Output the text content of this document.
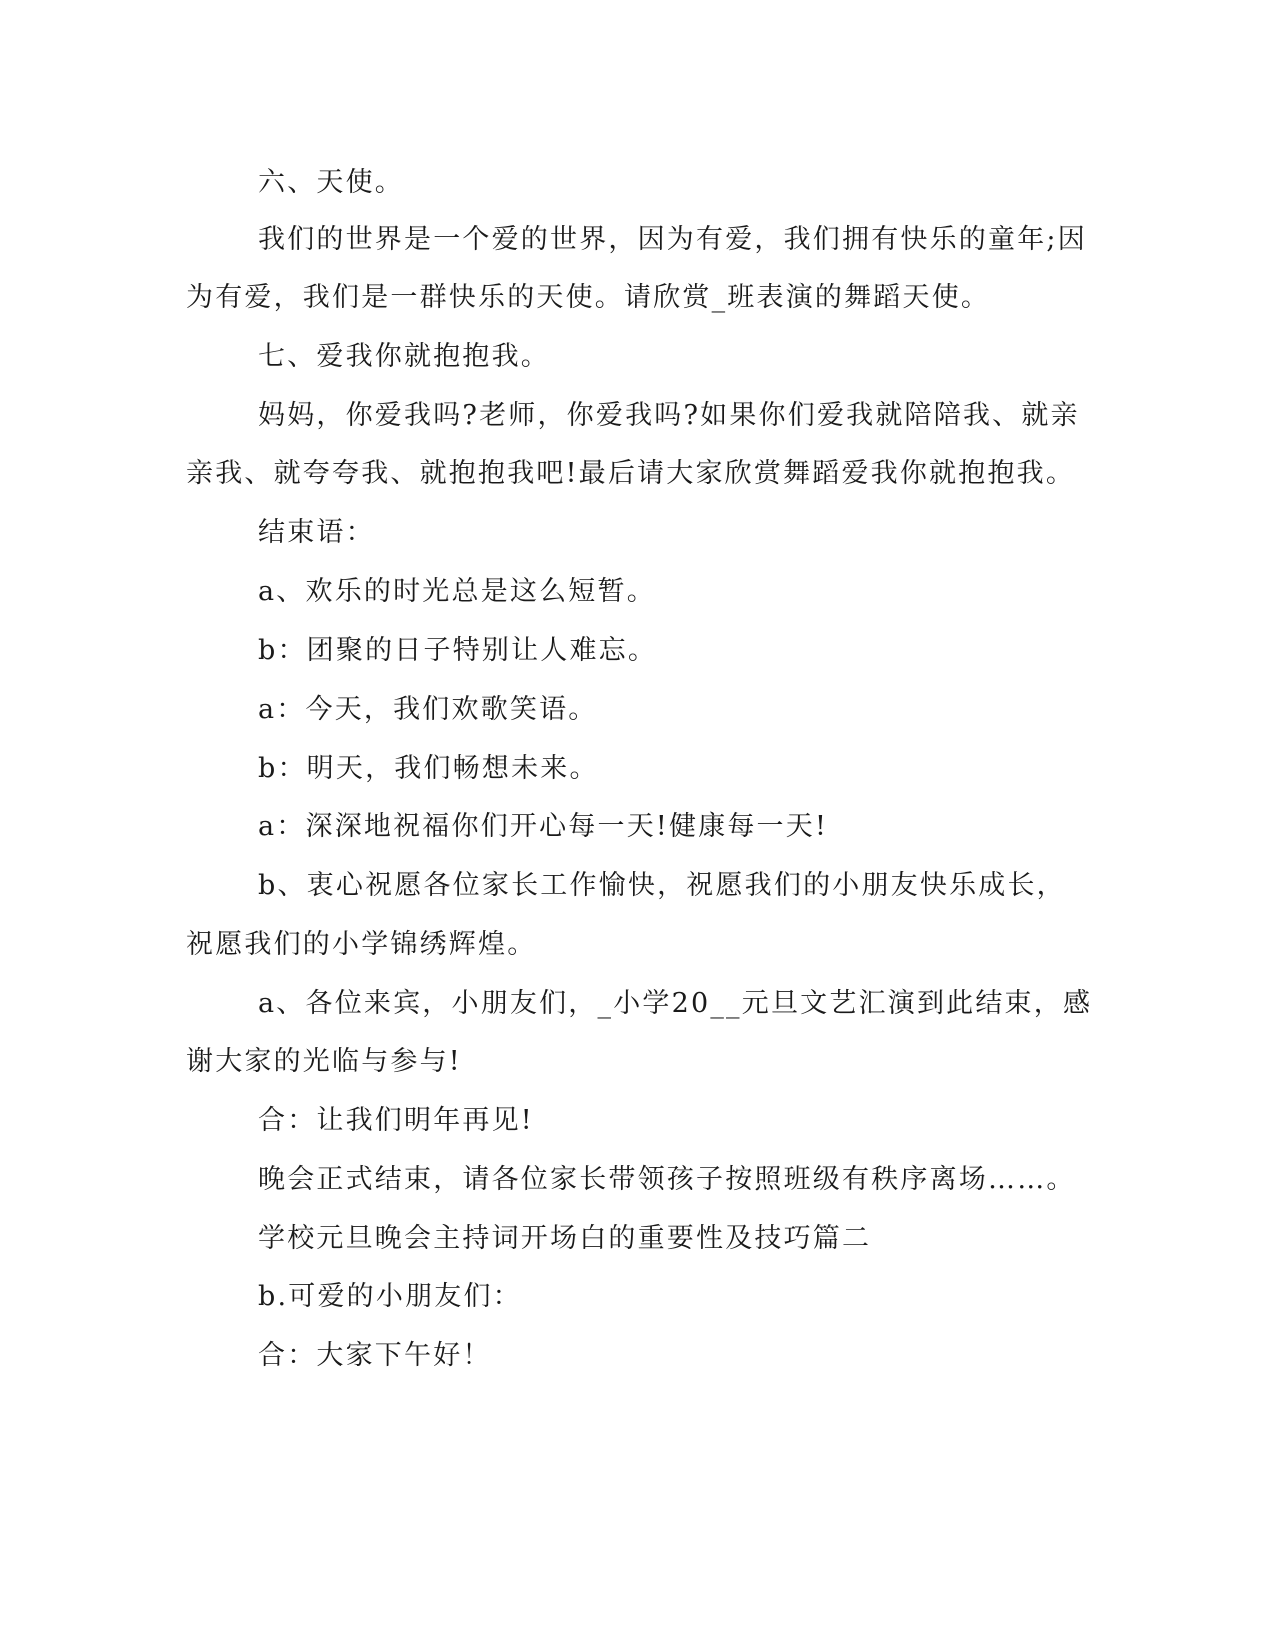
六、天使。
我们的世界是一个爱的世界，因为有爱，我们拥有快乐的童年;因
为有爱，我们是一群快乐的天使。请欣赏_班表演的舞蹈天使。
七、爱我你就抱抱我。
妈妈，你爱我吗?老师，你爱我吗?如果你们爱我就陪陪我、就亲
亲我、就夸夸我、就抱抱我吧!最后请大家欣赏舞蹈爱我你就抱抱我。
结束语：
a、欢乐的时光总是这么短暂。
b：团聚的日子特别让人难忘。
a：今天，我们欢歌笑语。
b：明天，我们畅想未来。
a：深深地祝福你们开心每一天!健康每一天!
b、衷心祝愿各位家长工作愉快，祝愿我们的小朋友快乐成长，
祝愿我们的小学锦绣辉煌。
a、各位来宾，小朋友们，_小学20__元旦文艺汇演到此结束，感
谢大家的光临与参与!
合：让我们明年再见!
晚会正式结束，请各位家长带领孩子按照班级有秩序离场……。
学校元旦晚会主持词开场白的重要性及技巧篇二
b.可爱的小朋友们：
合：大家下午好！
